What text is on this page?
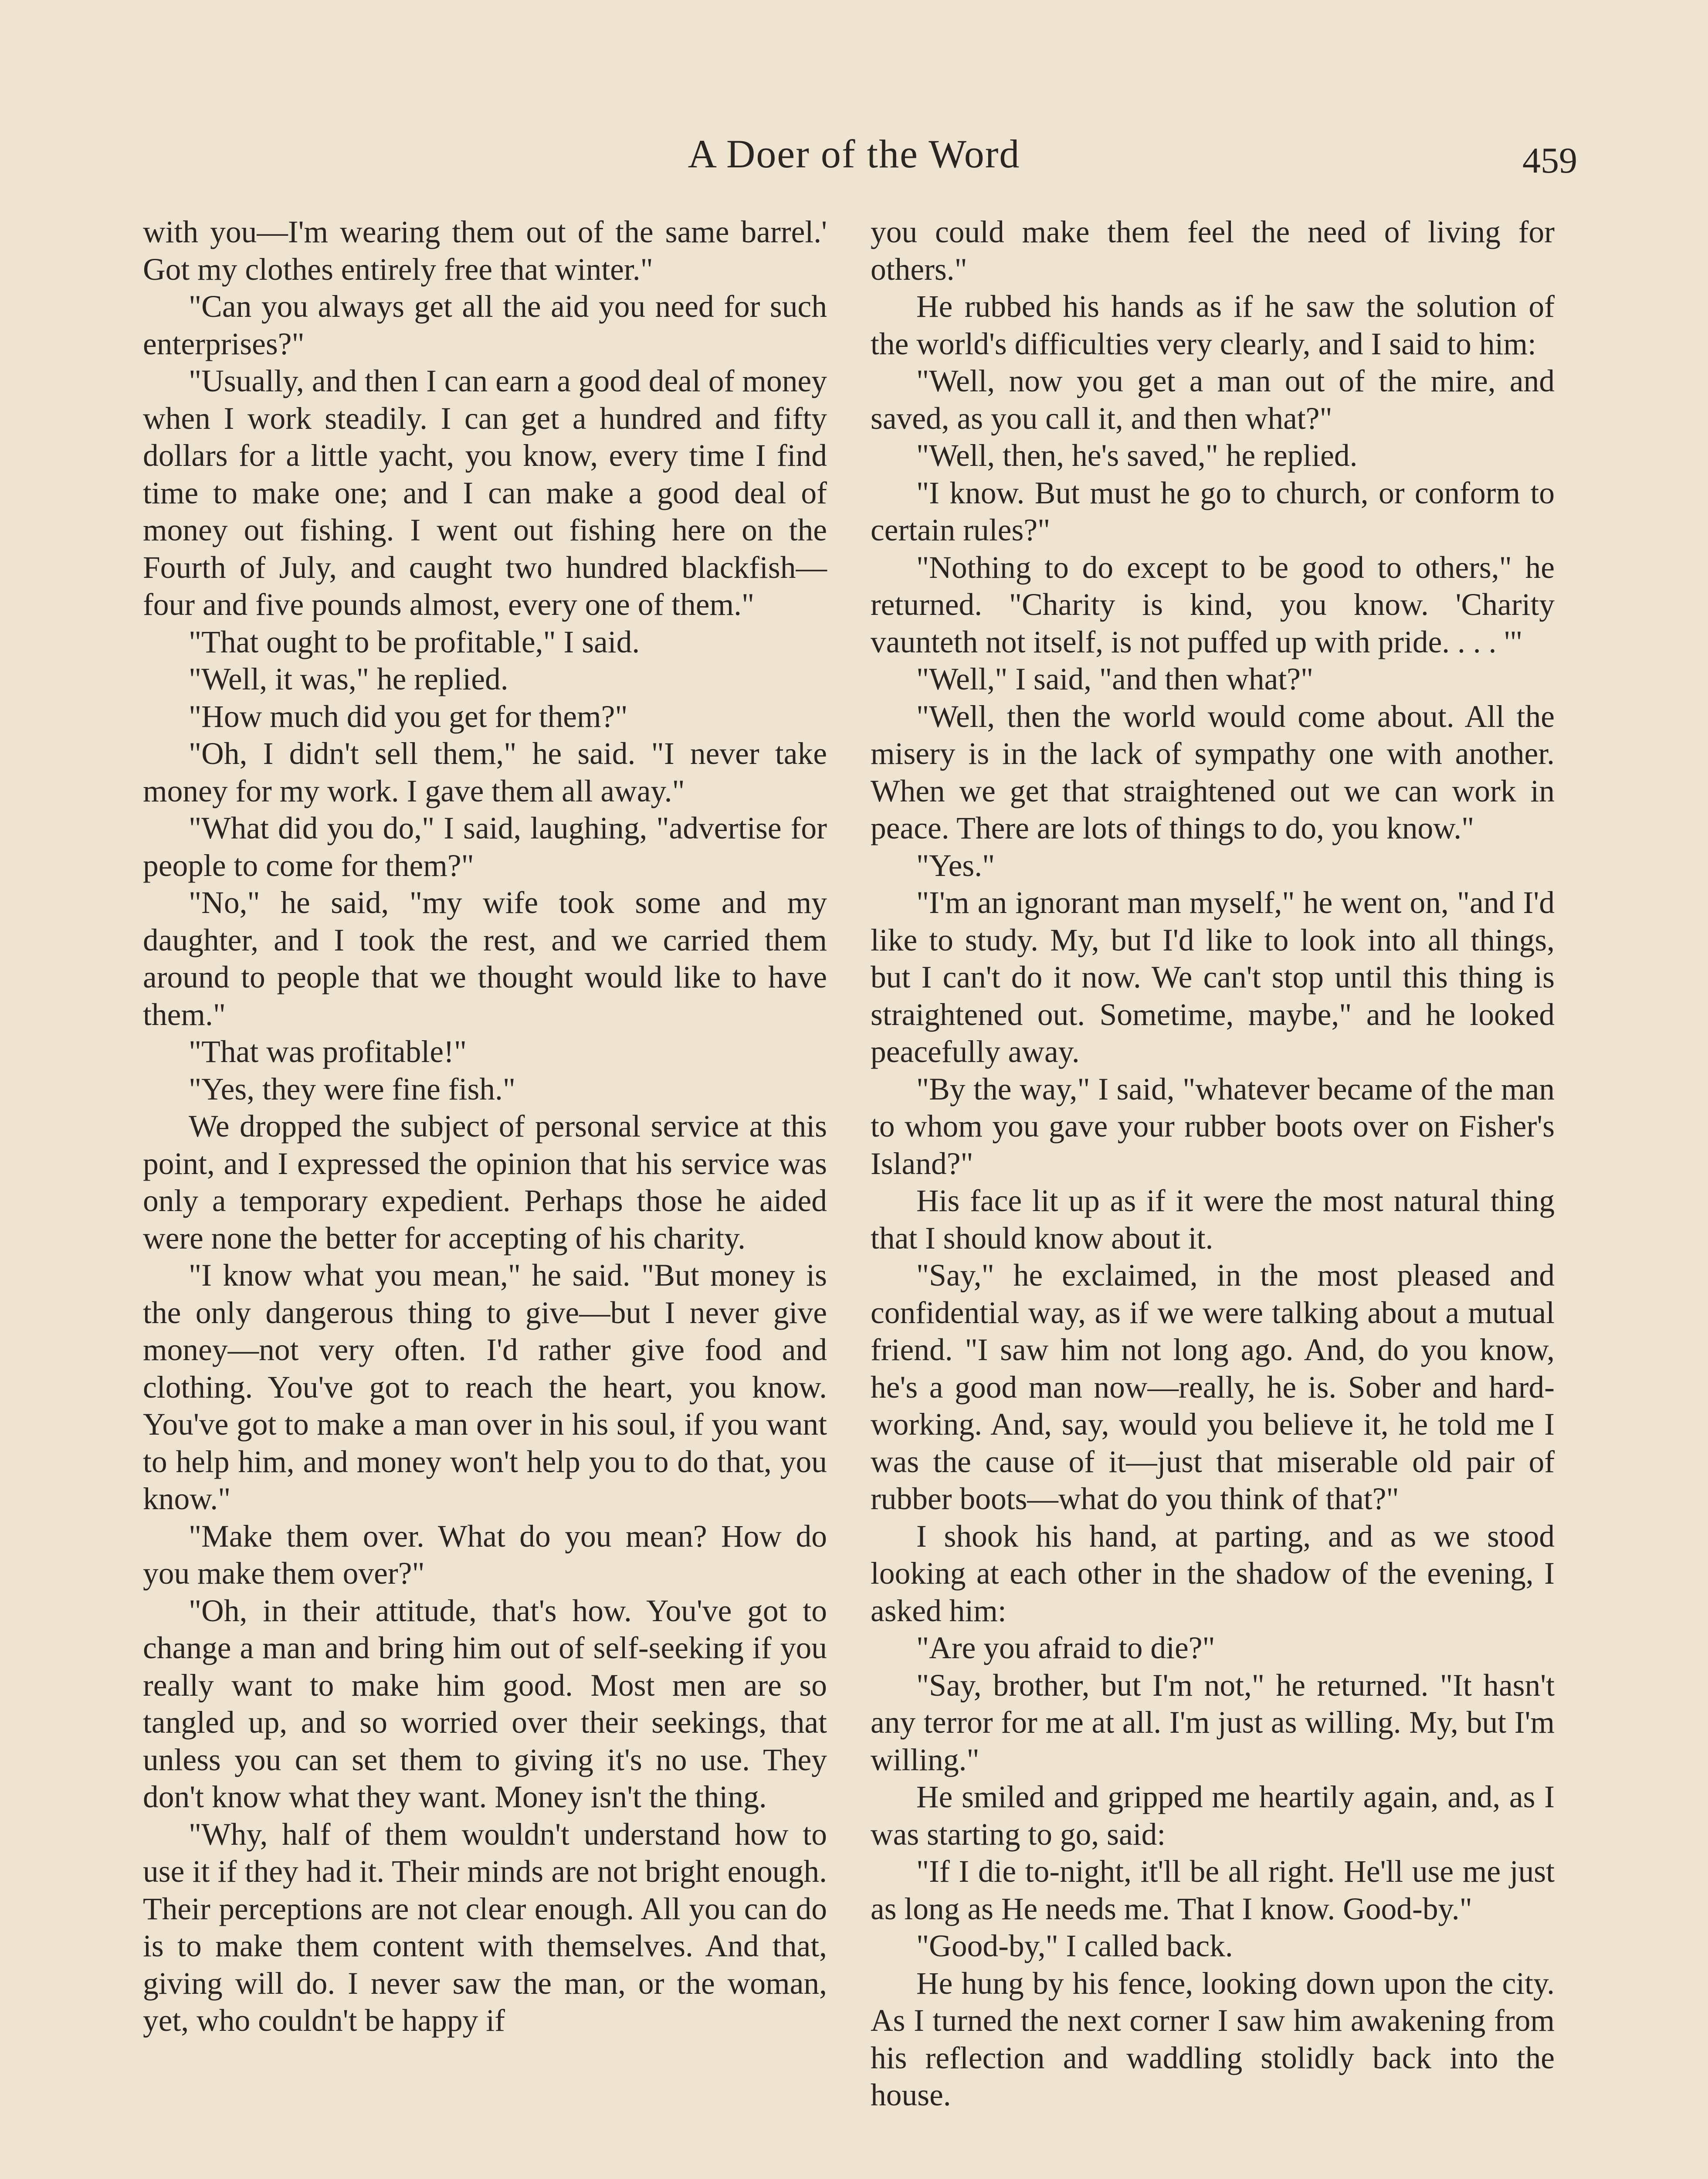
A Doer of the Word	459

with you—I'm wearing them out of the same barrel.' Got my clothes entirely free that winter."

"Can you always get all the aid you need for such enterprises?"

"Usually, and then I can earn a good deal of money when I work steadily. I can get a hundred and fifty dollars for a little yacht, you know, every time I find time to make one; and I can make a good deal of money out fishing. I went out fishing here on the Fourth of July, and caught two hundred blackfish—four and five pounds almost, every one of them."

"That ought to be profitable," I said.

"Well, it was," he replied.

"How much did you get for them?"

"Oh, I didn't sell them," he said. "I never take money for my work. I gave them all away."

"What did you do," I said, laughing, "advertise for people to come for them?"

"No," he said, "my wife took some and my daughter, and I took the rest, and we carried them around to people that we thought would like to have them."

"That was profitable!"

"Yes, they were fine fish."

We dropped the subject of personal service at this point, and I expressed the opinion that his service was only a temporary expedient. Perhaps those he aided were none the better for accepting of his charity.

"I know what you mean," he said. "But money is the only dangerous thing to give—but I never give money—not very often. I'd rather give food and clothing. You've got to reach the heart, you know. You've got to make a man over in his soul, if you want to help him, and money won't help you to do that, you know."

"Make them over. What do you mean? How do you make them over?"

"Oh, in their attitude, that's how. You've got to change a man and bring him out of self-seeking if you really want to make him good. Most men are so tangled up, and so worried over their seekings, that unless you can set them to giving it's no use. They don't know what they want. Money isn't the thing.

"Why, half of them wouldn't understand how to use it if they had it. Their minds are not bright enough. Their perceptions are not clear enough. All you can do is to make them content with themselves. And that, giving will do. I never saw the man, or the woman, yet, who couldn't be happy if

you could make them feel the need of living for others."

He rubbed his hands as if he saw the solution of the world's difficulties very clearly, and I said to him:

"Well, now you get a man out of the mire, and saved, as you call it, and then what?"

"Well, then, he's saved," he replied.

"I know. But must he go to church, or conform to certain rules?"

"Nothing to do except to be good to others," he returned. "Charity is kind, you know. 'Charity vaunteth not itself, is not puffed up with pride. . . . '"

"Well," I said, "and then what?"

"Well, then the world would come about. All the misery is in the lack of sympathy one with another. When we get that straightened out we can work in peace. There are lots of things to do, you know."

"Yes."

"I'm an ignorant man myself," he went on, "and I'd like to study. My, but I'd like to look into all things, but I can't do it now. We can't stop until this thing is straightened out. Sometime, maybe," and he looked peacefully away.

"By the way," I said, "whatever became of the man to whom you gave your rubber boots over on Fisher's Island?"

His face lit up as if it were the most natural thing that I should know about it.

"Say," he exclaimed, in the most pleased and confidential way, as if we were talking about a mutual friend. "I saw him not long ago. And, do you know, he's a good man now—really, he is. Sober and hard-working. And, say, would you believe it, he told me I was the cause of it—just that miserable old pair of rubber boots—what do you think of that?"

I shook his hand, at parting, and as we stood looking at each other in the shadow of the evening, I asked him:

"Are you afraid to die?"

"Say, brother, but I'm not," he returned. "It hasn't any terror for me at all. I'm just as willing. My, but I'm willing."

He smiled and gripped me heartily again, and, as I was starting to go, said:

"If I die to-night, it'll be all right. He'll use me just as long as He needs me. That I know. Good-by."

"Good-by," I called back.

He hung by his fence, looking down upon the city. As I turned the next corner I saw him awakening from his reflection and waddling stolidly back into the house.
